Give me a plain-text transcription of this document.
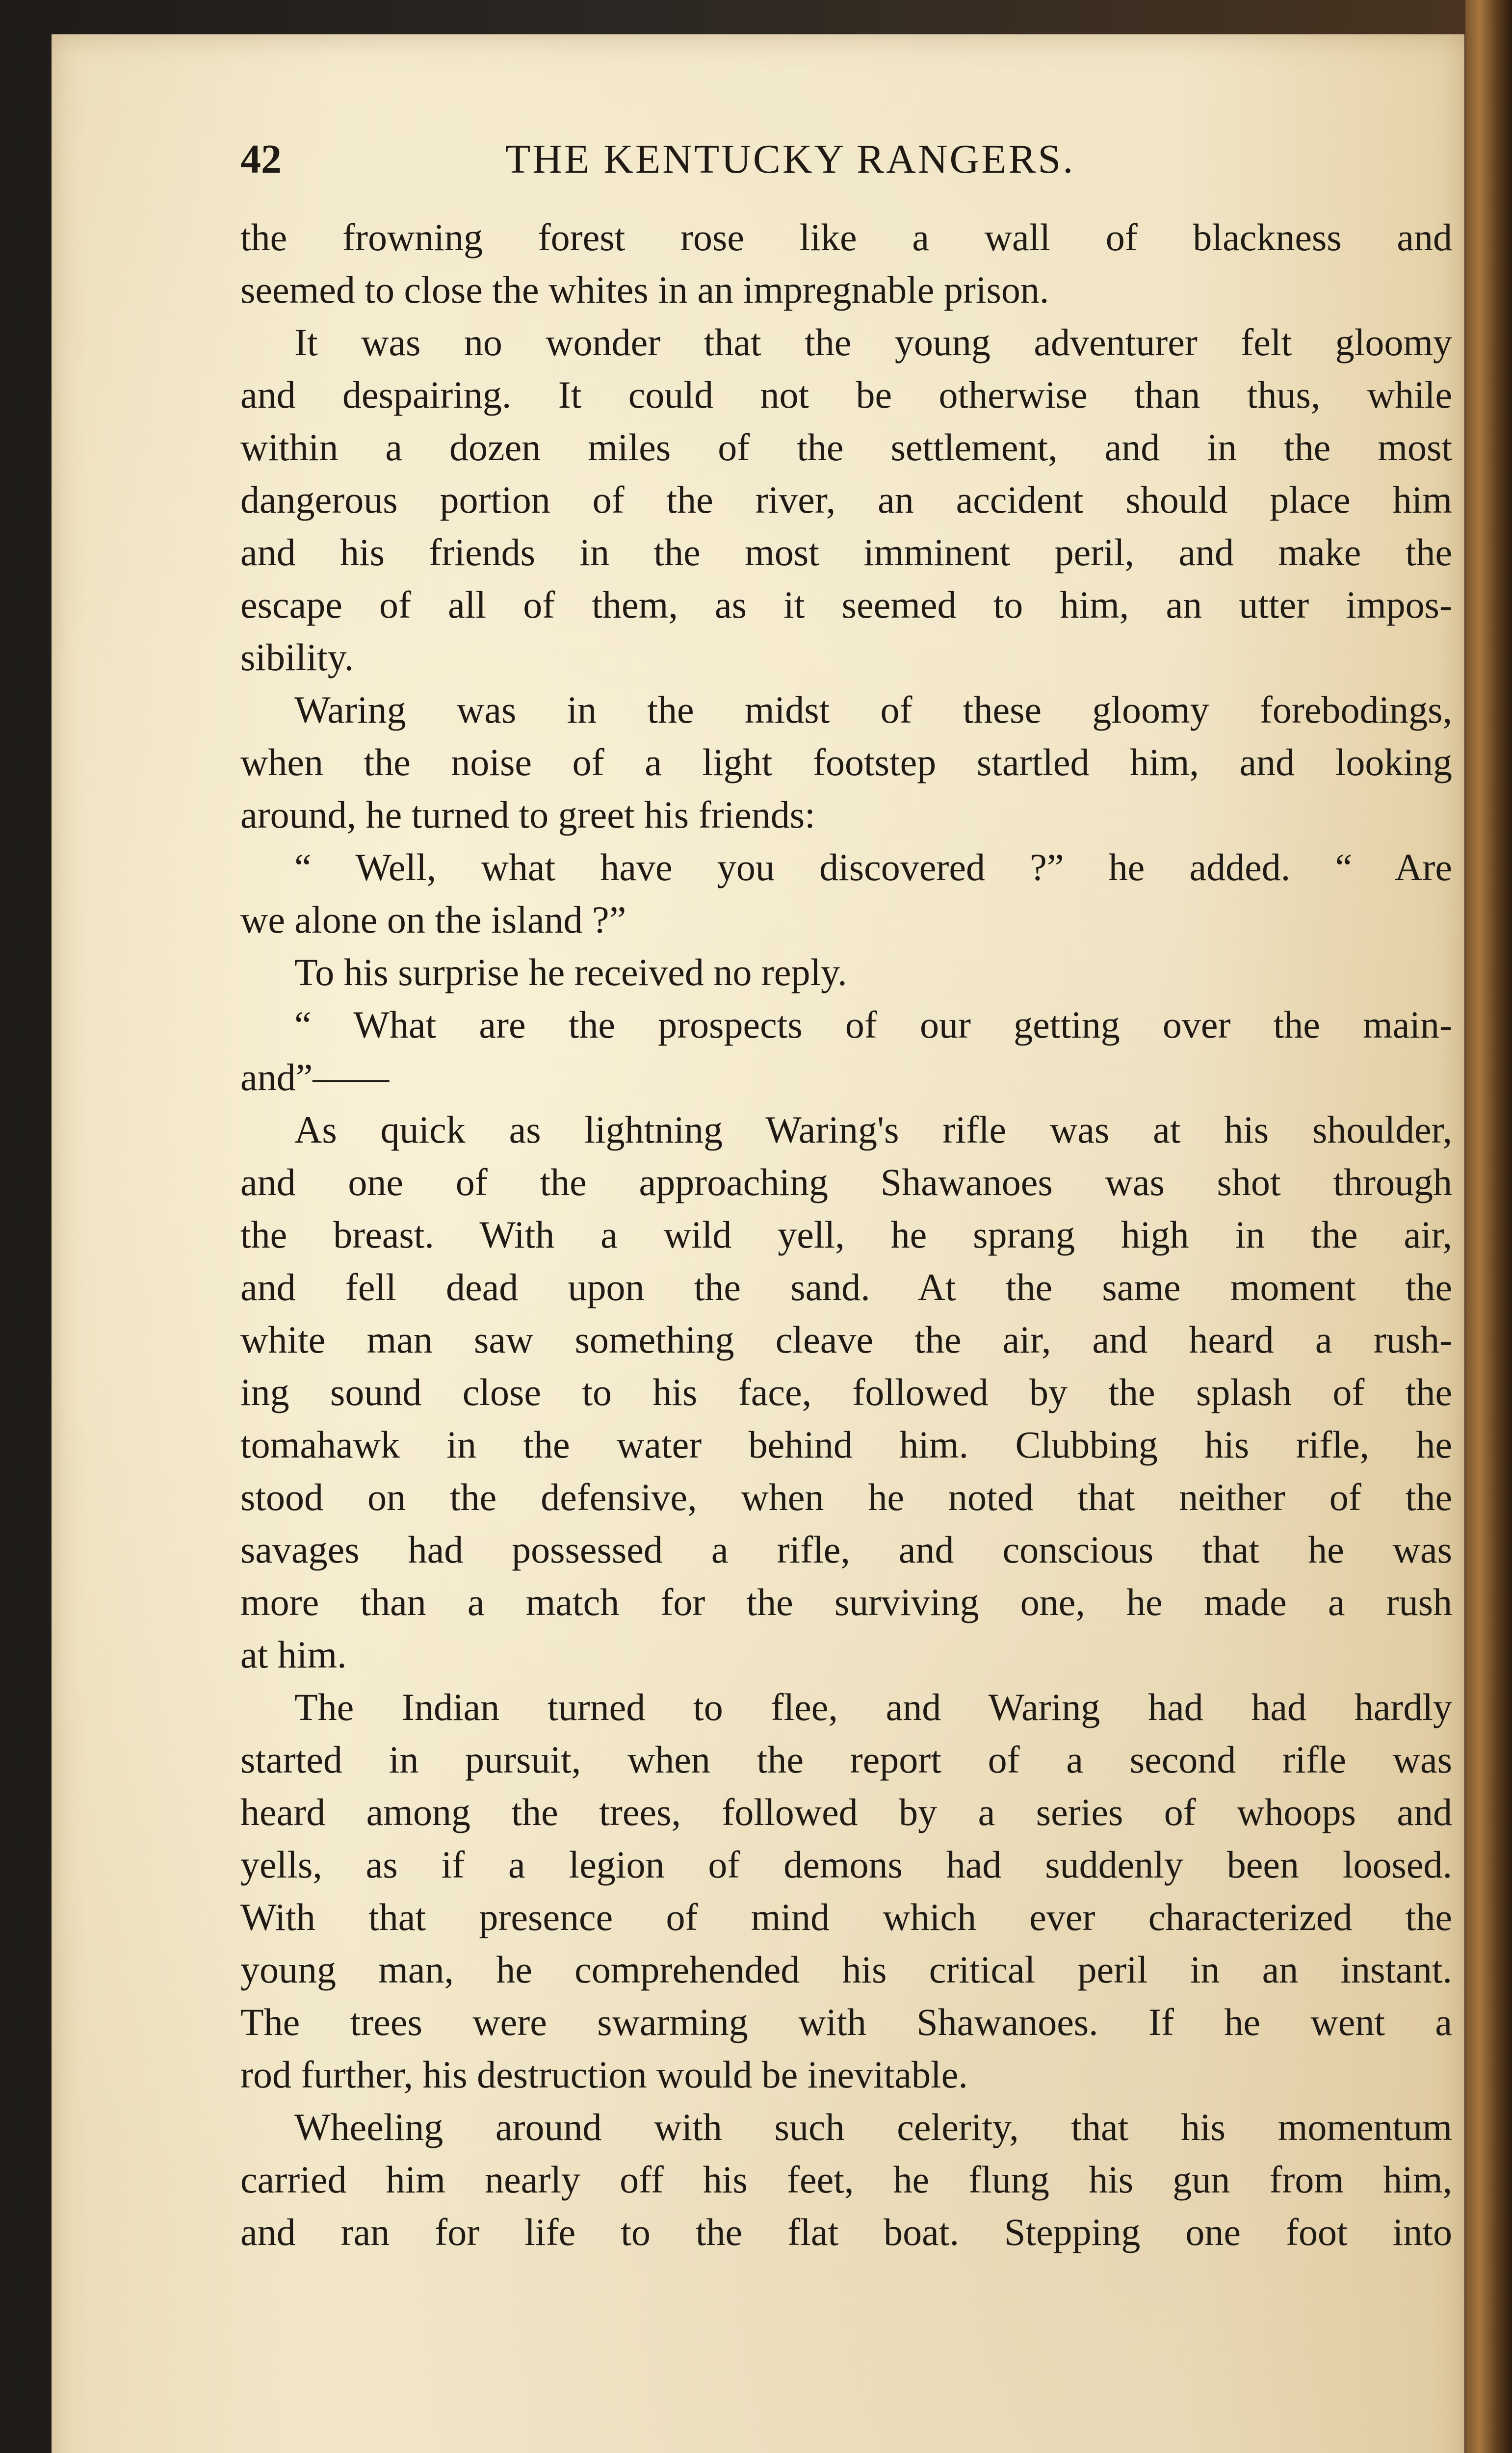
42	THE KENTUCKY RANGERS.
the frowning forest rose like a wall of blackness and
seemed to close the whites in an impregnable prison.
It was no wonder that the young adventurer felt gloomy
and despairing. It could not be otherwise than thus, while
within a dozen miles of the settlement, and in the most
dangerous portion of the river, an accident should place him
and his friends in the most imminent peril, and make the
escape of all of them, as it seemed to him, an utter impos-
sibility.
Waring was in the midst of these gloomy forebodings,
when the noise of a light footstep startled him, and looking
around, he turned to greet his friends:
“ Well, what have you discovered ?” he added. “ Are
we alone on the island ?”
To his surprise he received no reply.
“ What are the prospects of our getting over the main-
and”——
As quick as lightning Waring's rifle was at his shoulder,
and one of the approaching Shawanoes was shot through
the breast. With a wild yell, he sprang high in the air,
and fell dead upon the sand. At the same moment the
white man saw something cleave the air, and heard a rush-
ing sound close to his face, followed by the splash of the
tomahawk in the water behind him. Clubbing his rifle, he
stood on the defensive, when he noted that neither of the
savages had possessed a rifle, and conscious that he was
more than a match for the surviving one, he made a rush
at him.
The Indian turned to flee, and Waring had had hardly
started in pursuit, when the report of a second rifle was
heard among the trees, followed by a series of whoops and
yells, as if a legion of demons had suddenly been loosed.
With that presence of mind which ever characterized the
young man, he comprehended his critical peril in an instant.
The trees were swarming with Shawanoes. If he went a
rod further, his destruction would be inevitable.
Wheeling around with such celerity, that his momentum
carried him nearly off his feet, he flung his gun from him,
and ran for life to the flat boat. Stepping one foot into
